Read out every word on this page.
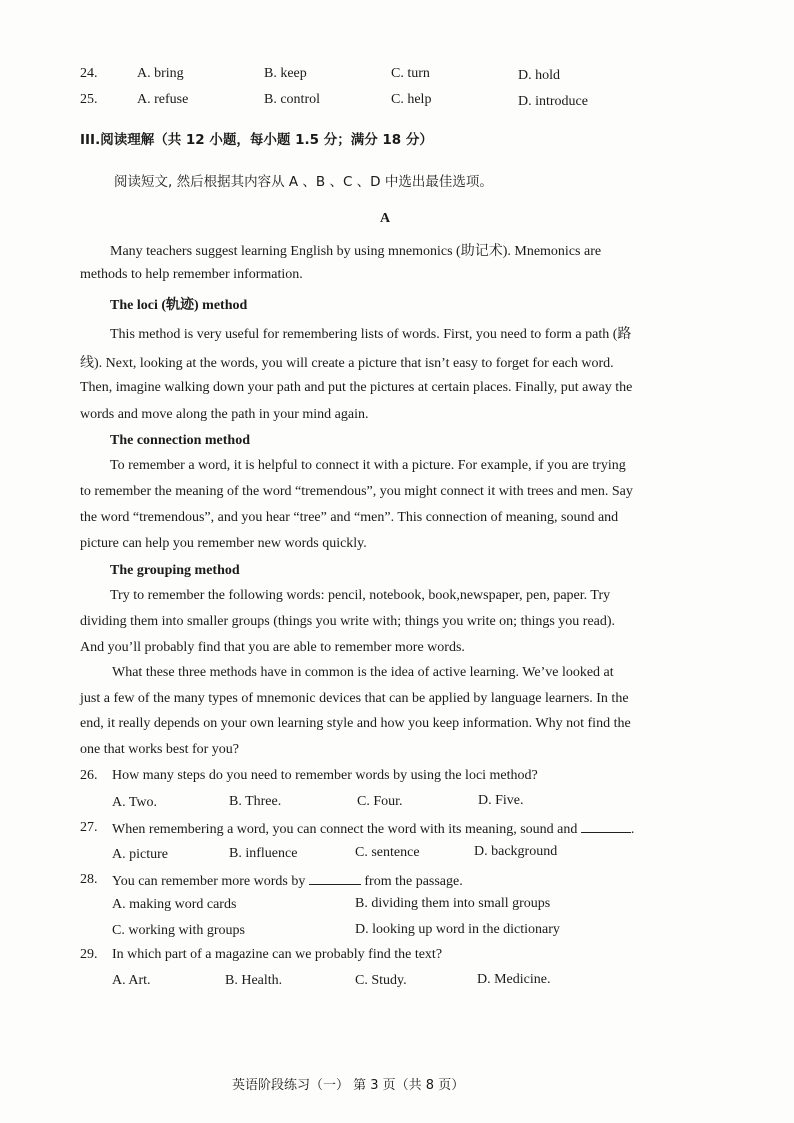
24.	A. bring	B. keep	C. turn	D. hold
25.	A. refuse	B. control	C. help	D. introduce
III.阅读理解（共 12 小题，每小题 1.5 分；满分 18 分）
阅读短文, 然后根据其内容从 A 、B 、C 、D 中选出最佳选项。
A
Many teachers suggest learning English by using mnemonics (助记术). Mnemonics are
methods to help remember information.
The loci (轨迹) method
This method is very useful for remembering lists of words. First, you need to form a path (路
线). Next, looking at the words, you will create a picture that isn’t easy to forget for each word.
Then, imagine walking down your path and put the pictures at certain places. Finally, put away the
words and move along the path in your mind again.
The connection method
To remember a word, it is helpful to connect it with a picture. For example, if you are trying
to remember the meaning of the word “tremendous”, you might connect it with trees and men. Say
the word “tremendous”, and you hear “tree” and “men”. This connection of meaning, sound and
picture can help you remember new words quickly.
The grouping method
Try to remember the following words: pencil, notebook, book,newspaper, pen, paper. Try
dividing them into smaller groups (things you write with; things you write on; things you read).
And you’ll probably find that you are able to remember more words.
What these three methods have in common is the idea of active learning. We’ve looked at
just a few of the many types of mnemonic devices that can be applied by language learners. In the
end, it really depends on your own learning style and how you keep information. Why not find the
one that works best for you?
26. How many steps do you need to remember words by using the loci method?
A. Two.	B. Three.	C. Four.	D. Five.
27. When remembering a word, you can connect the word with its meaning, sound and	.
A. picture	B. influence	C. sentence	D. background
28. You can remember more words by	from the passage.
A. making word cards	B. dividing them into small groups
C. working with groups	D. looking up word in the dictionary
29. In which part of a magazine can we probably find the text?
A. Art.	B. Health.	C. Study.	D. Medicine.
英语阶段练习（一） 第 3 页（共 8 页）
